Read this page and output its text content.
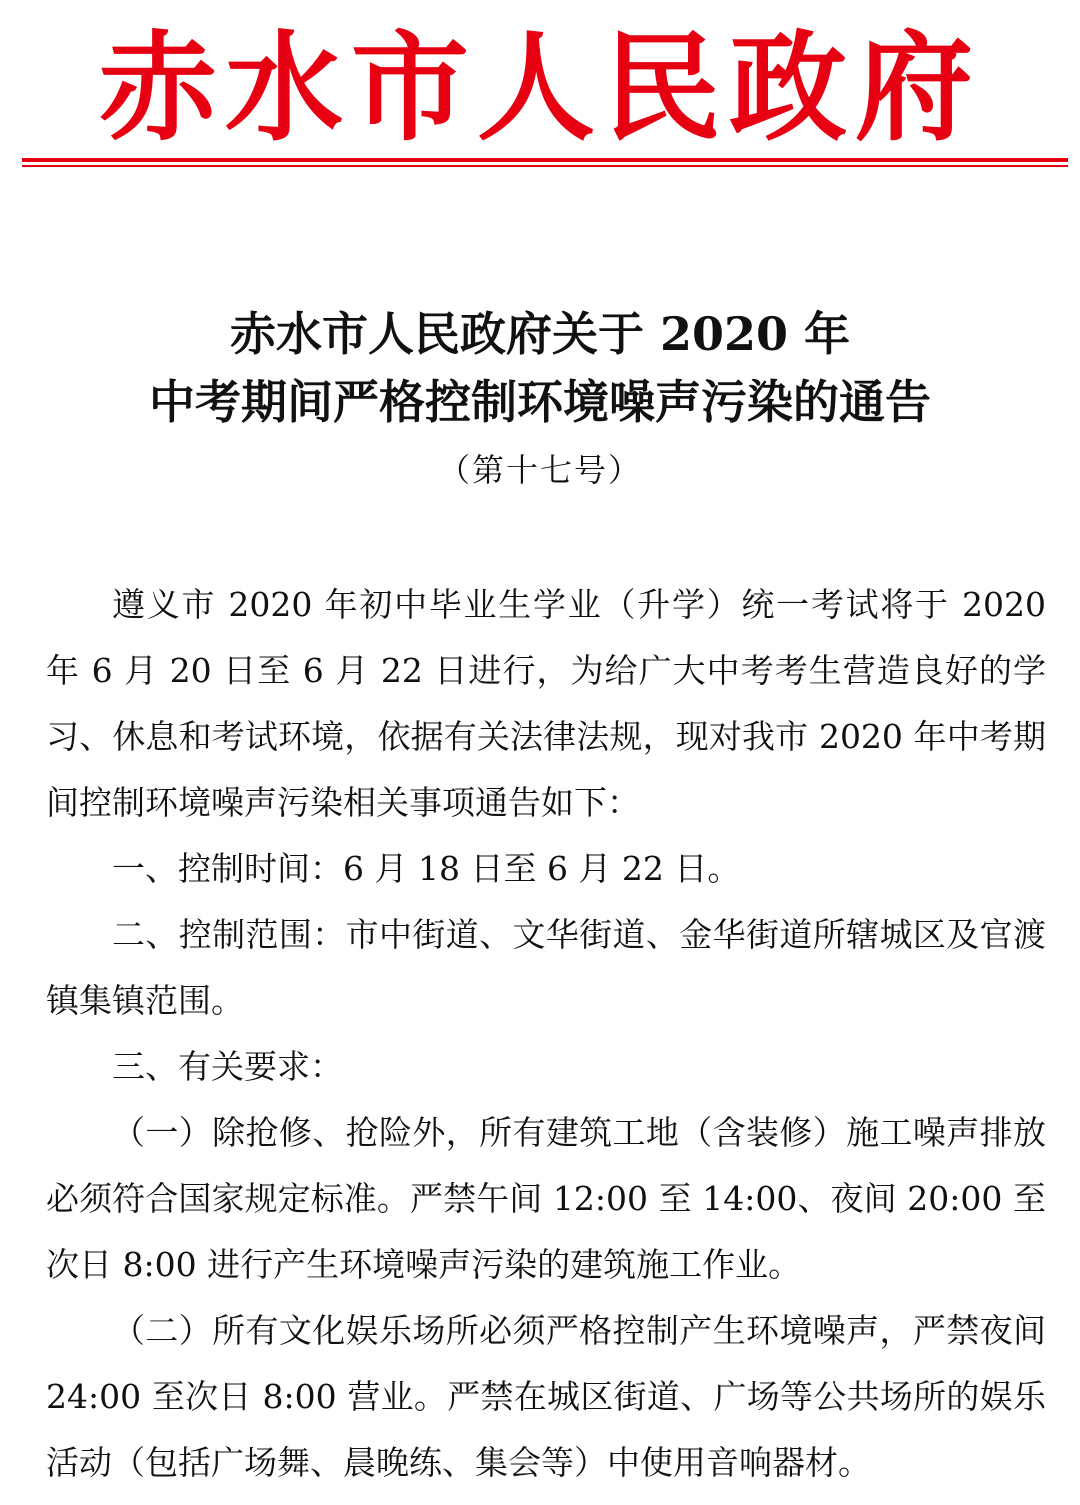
赤水市人民政府
赤水市人民政府关于 2020 年
中考期间严格控制环境噪声污染的通告
（第十七号）

遵义市 2020 年初中毕业生学业（升学）统一考试将于 2020 年 6 月 20 日至 6 月 22 日进行，为给广大中考考生营造良好的学习、休息和考试环境，依据有关法律法规，现对我市 2020 年中考期间控制环境噪声污染相关事项通告如下：

一、控制时间：6 月 18 日至 6 月 22 日。

二、控制范围：市中街道、文华街道、金华街道所辖城区及官渡镇集镇范围。

三、有关要求：

（一）除抢修、抢险外，所有建筑工地（含装修）施工噪声排放必须符合国家规定标准。严禁午间 12:00 至 14:00、夜间 20:00 至次日 8:00 进行产生环境噪声污染的建筑施工作业。

（二）所有文化娱乐场所必须严格控制产生环境噪声，严禁夜间 24:00 至次日 8:00 营业。严禁在城区街道、广场等公共场所的娱乐活动（包括广场舞、晨晚练、集会等）中使用音响器材。
